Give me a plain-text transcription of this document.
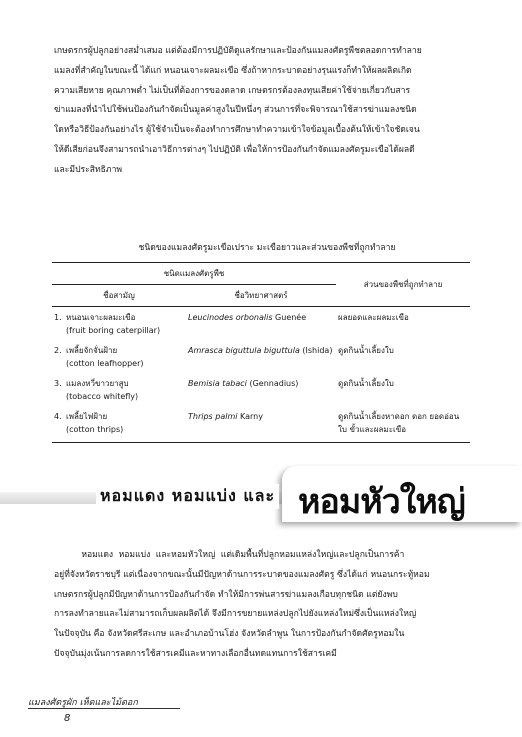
เกษตรกรผู้ปลูกอย่างสม่ำเสมอ แต่ต้องมีการปฏิบัติดูแลรักษาและป้องกันแมลงศัตรูพืชตลอดการทำลาย

แมลงที่สำคัญในขณะนี้ ได้แก่ หนอนเจาะผลมะเขือ ซึ่งถ้าหากระบาดอย่างรุนแรงก็ทำให้ผลผลิตเกิด

ความเสียหาย คุณภาพต่ำ ไม่เป็นที่ต้องการของตลาด เกษตรกรต้องลงทุนเสียค่าใช้จ่ายเกี่ยวกับสาร

ฆ่าแมลงที่นำไปใช้พ่นป้องกันกำจัดเป็นมูลค่าสูงในปีหนึ่งๆ ส่วนการที่จะพิจารณาใช้สารฆ่าแมลงชนิด

ใดหรือวิธีป้องกันอย่างไร ผู้ใช้จำเป็นจะต้องทำการศึกษาทำความเข้าใจข้อมูลเบื้องต้นให้เข้าใจชัดเจน

ให้ดีเสียก่อนจึงสามารถนำเอาวิธีการต่างๆ ไปปฏิบัติ เพื่อให้การป้องกันกำจัดแมลงศัตรูมะเขือได้ผลดี

และมีประสิทธิภาพ

ชนิดของแมลงศัตรูมะเขือเปราะ มะเขือยาวและส่วนของพืชที่ถูกทำลาย
ชนิดแมลงศัตรูพืช		ส่วนของพืชที่ถูกทำลาย
ชื่อสามัญ	ชื่อวิทยาศาสตร์	
1. หนอนเจาะผลมะเขือ
(fruit boring caterpillar)	Leucinodes orbonalis Guenée	ผลยอดและผลมะเขือ
2. เพลี้ยจักจั่นฝ้าย
(cotton leafhopper)	Amrasca biguttula biguttula (Ishida)	ดูดกินน้ำเลี้ยงใบ
3. แมลงหวี่ขาวยาสูบ
(tobacco whitefly)	Bemisia tabaci (Gennadius)	ดูดกินน้ำเลี้ยงใบ
4. เพลี้ยไฟฝ้าย
(cotton thrips)	Thrips palmi Karny	ดูดกินน้ำเลี้ยงหาดอก ดอก ยอดอ่อนใบ ขั้วและผลมะเขือ
หอมแดง หอมแบ่ง และ หอมหัวใหญ่

หอมแดง  หอมแบ่ง  และหอมหัวใหญ่  แต่เดิมพื้นที่ปลูกหอมแหล่งใหญ่และปลูกเป็นการค้า

อยู่ที่จังหวัดราชบุรี แต่เนื่องจากขณะนั้นมีปัญหาด้านการระบาดของแมลงศัตรู ซึ่งได้แก่ หนอนกระทู้หอม

เกษตรกรผู้ปลูกมีปัญหาด้านการป้องกันกำจัด ทำให้มีการพ่นสารฆ่าแมลงเกือบทุกชนิด แต่ยังพบ

การลงทำลายและไม่สามารถเก็บผลผลิตได้ จึงมีการขยายแหล่งปลูกไปยังแหล่งใหม่ซึ่งเป็นแหล่งใหญ่

ในปัจจุบัน คือ จังหวัดศรีสะเกษ และอำเภอบ้านโฮ่ง จังหวัดลำพูน ในการป้องกันกำจัดศัตรูหอมใน

ปัจจุบันมุ่งเน้นการลดการใช้สารเคมีและหาทางเลือกอื่นทดแทนการใช้สารเคมี

แมลงศัตรูผัก เห็ดและไม้ดอก
8
